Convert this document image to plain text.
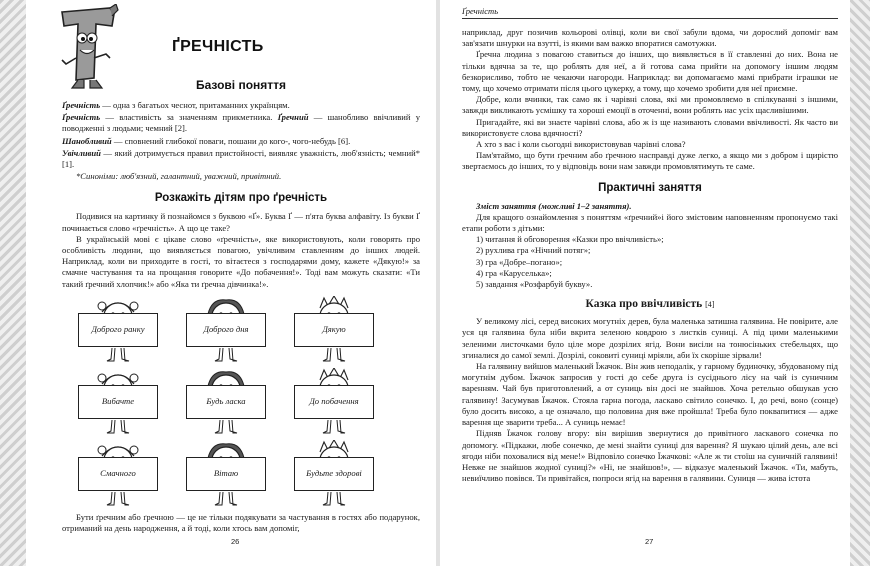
ҐРЕЧНІСТЬ
Базові поняття

Ґречність — одна з багатьох чеснот, притаманних українцям.

Ґречність — властивість за значенням прикметника. Ґречний — шанобливо ввічливий у поводженні з людьми; чемний [2].

Шанобливий — сповнений глибокої поваги, пошани до кого-, чого-небудь [6].

Увічливий — який дотримується правил пристойності, виявляє уважність, люб'язність; чемний* [1].

*Синоніми: люб'язний, галантний, уважний, привітний.

Розкажіть дітям про ґречність

Подивися на картинку й познайомся з буквою «Ґ». Буква Ґ — п'ята буква алфавіту. Із букви Ґ починається слово «ґречність». А що це таке?

В українській мові є цікаве слово «ґречність», яке використовують, коли говорять про особливість людини, що виявляється повагою, увічливим ставленням до інших людей. Наприклад, коли ви приходите в гості, то вітаєтеся з господарями дому, кажете «Дякую!» за смачне частування та на прощання говорите «До побачення!». Тоді вам можуть сказати: «Ти такий ґречний хлопчик!» або «Яка ти ґречна дівчинка!».

Доброго ранку	Доброго дня	Дякую
Вибачте	Будь ласка	До побачення
Смачного	Вітаю	Будьте здорові

Бути ґречним або ґречною — це не тільки подякувати за частування в гостях або подарунок, отриманий на день народження, а й тоді, коли хтось вам допоміг,

26
Ґречність

наприклад, друг позичив кольорові олівці, коли ви свої забули вдома, чи дорослий допоміг вам зав'язати шнурки на взутті, із якими вам важко впоратися самотужки.

Ґречна людина з повагою ставиться до інших, що виявляється в її ставленні до них. Вона не тільки вдячна за те, що роблять для неї, а й готова сама прийти на допомогу іншим людям безкорисливо, тобто не чекаючи нагороди. Наприклад: ви допомагаємо мамі прибрати іграшки не тому, що хочемо отримати після цього цукерку, а тому, що хочемо зробити для неї приємне.

Добре, коли вчинки, так само як і чарівні слова, які ми промовляємо в спілкуванні з іншими, завжди викликають усмішку та хороші емоції в оточенні, вони роблять нас усіх щасливішими.

Пригадайте, які ви знаєте чарівні слова, або ж із ще називають словами ввічливості. Як часто ви використовуєте слова вдячності?

А хто з вас і коли сьогодні використовував чарівні слова?

Пам'ятаймо, що бути ґречним або ґречною насправді дуже легко, а якщо ми з добром і щирістю звертаємось до інших, то у відповідь вони нам завжди промовлятимуть те саме.

Практичні заняття

Зміст заняття (можливі 1–2 заняття).

Для кращого ознайомлення з поняттям «ґречний»і його змістовим наповненням пропонуємо такі етапи роботи з дітьми:

1) читання й обговорення «Казки про ввічливість»;

2) рухлива гра «Нічний потяг»;

3) гра «Добре–погано»;

4) гра «Каруселька»;

5) завдання «Розфарбуй букву».

Казка про ввічливість [4]

У великому лісі, серед високих могутніх дерев, була маленька затишна галявина. Не повірите, але уся ця галявина була ніби вкрита зеленою ковдрою з листків суниці. А під цими маленькими зеленими листочками було ціле море дозрілих ягід. Вони висіли на тонюсіньких стебельцях, що згиналися до самої землі. Дозрілі, соковиті суниці мріяли, аби їх скоріше зірвали!

На галявину вийшов маленький Їжачок. Він жив неподалік, у гарному будиночку, збудованому під могутнім дубом. Їжачок запросив у гості до себе друга із сусіднього лісу на чай із суничним варенням. Чай був приготовлений, а от суниць він досі не знайшов. Хоча ретельно обшукав усю галявину! Засумував Їжачок. Стояла гарна погода, ласкаво світило сонечко. І, до речі, воно (сонце) було досить високо, а це означало, що половина дня вже пройшла! Треба було поквапитися — адже варення ще зварити треба... А суниць немає!

Підняв Їжачок голову вгору: він вирішив звернутися до привітного ласкавого сонечка по допомогу. «Підкажи, любе сонечко, де мені знайти суниці для варення? Я шукаю цілий день, але всі ягоди ніби поховалися від мене!» Відповіло сонечко Їжачкові: «Але ж ти стоїш на суничній галявині! Невже не знайшов жодної суниці?» «Ні, не знайшов!», — відказує маленький Їжачок. «Ти, мабуть, невиїчливо повівся. Ти привітайся, попроси ягід на варення в галявини. Суниця — жива істота

27
